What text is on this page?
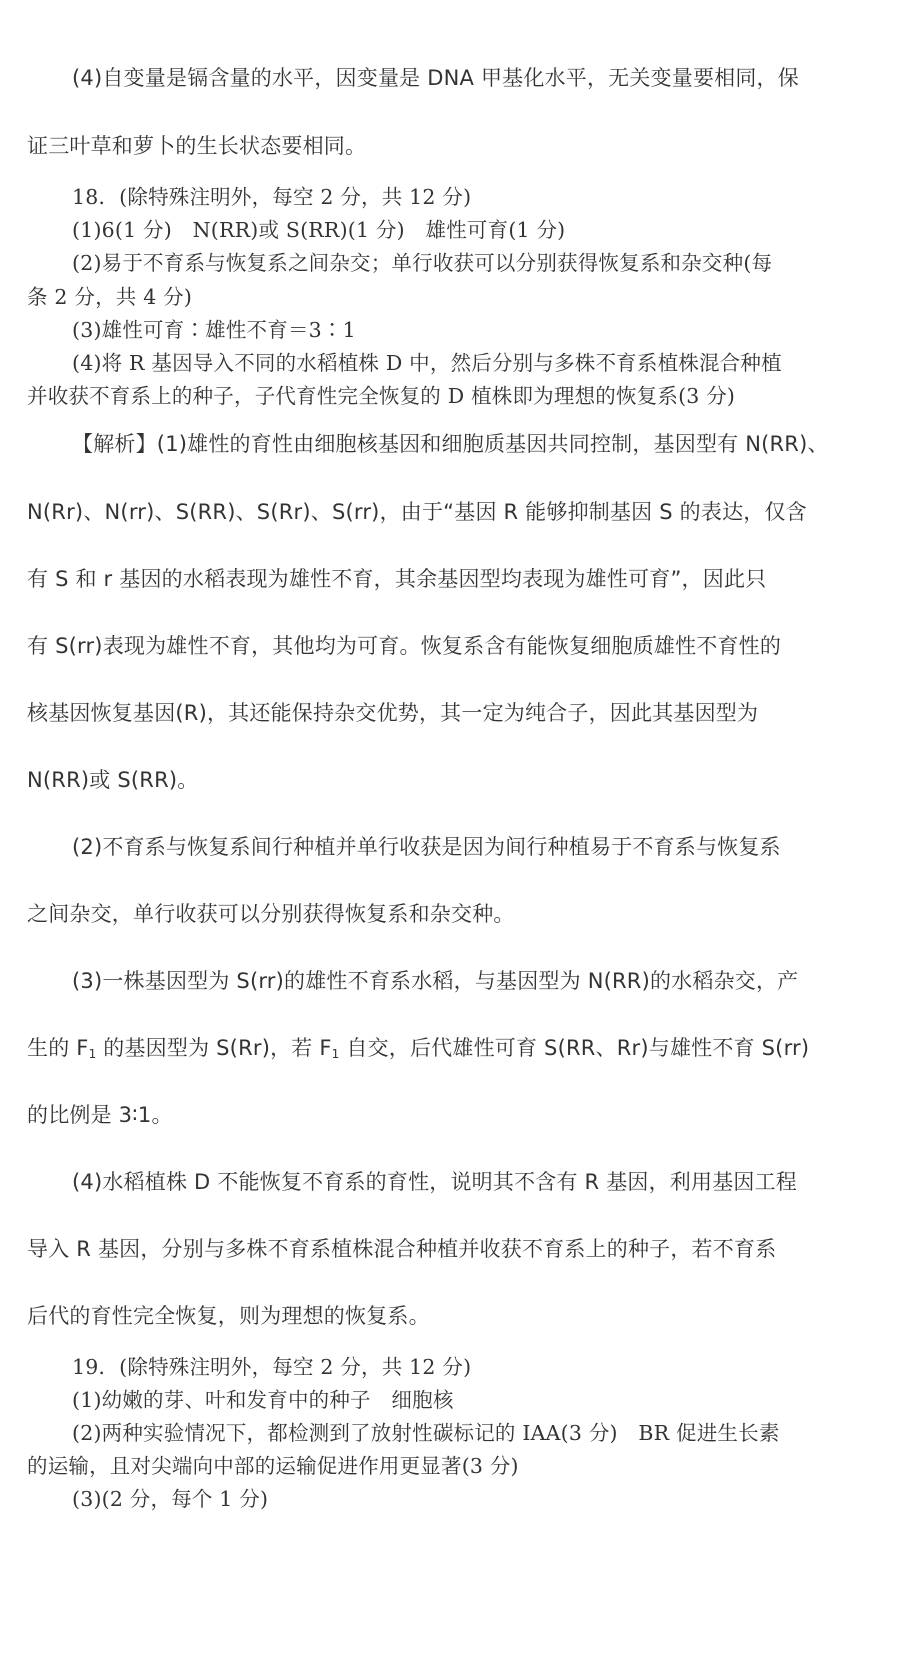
(4)自变量是镉含量的水平，因变量是 DNA 甲基化水平，无关变量要相同，保
证三叶草和萝卜的生长状态要相同。
18．(除特殊注明外，每空 2 分，共 12 分)
(1)6(1 分)　N(RR)或 S(RR)(1 分)　雄性可育(1 分)
(2)易于不育系与恢复系之间杂交；单行收获可以分别获得恢复系和杂交种(每
条 2 分，共 4 分)
(3)雄性可育∶雄性不育＝3∶1
(4)将 R 基因导入不同的水稻植株 D 中，然后分别与多株不育系植株混合种植
并收获不育系上的种子，子代育性完全恢复的 D 植株即为理想的恢复系(3 分)
【解析】(1)雄性的育性由细胞核基因和细胞质基因共同控制，基因型有 N(RR)、
N(Rr)、N(rr)、S(RR)、S(Rr)、S(rr)，由于“基因 R 能够抑制基因 S 的表达，仅含
有 S 和 r 基因的水稻表现为雄性不育，其余基因型均表现为雄性可育”，因此只
有 S(rr)表现为雄性不育，其他均为可育。恢复系含有能恢复细胞质雄性不育性的
核基因恢复基因(R)，其还能保持杂交优势，其一定为纯合子，因此其基因型为
N(RR)或 S(RR)。
(2)不育系与恢复系间行种植并单行收获是因为间行种植易于不育系与恢复系
之间杂交，单行收获可以分别获得恢复系和杂交种。
(3)一株基因型为 S(rr)的雄性不育系水稻，与基因型为 N(RR)的水稻杂交，产
生的 $F_1$ 的基因型为 S(Rr)，若 $F_1$ 自交，后代雄性可育 S(RR、Rr)与雄性不育 S(rr)
的比例是 3∶1。
(4)水稻植株 D 不能恢复不育系的育性，说明其不含有 R 基因，利用基因工程
导入 R 基因，分别与多株不育系植株混合种植并收获不育系上的种子，若不育系
后代的育性完全恢复，则为理想的恢复系。
19．(除特殊注明外，每空 2 分，共 12 分)
(1)幼嫩的芽、叶和发育中的种子　细胞核
(2)两种实验情况下，都检测到了放射性碳标记的 IAA(3 分)　BR 促进生长素
的运输，且对尖端向中部的运输促进作用更显著(3 分)
(3)(2 分，每个 1 分)
